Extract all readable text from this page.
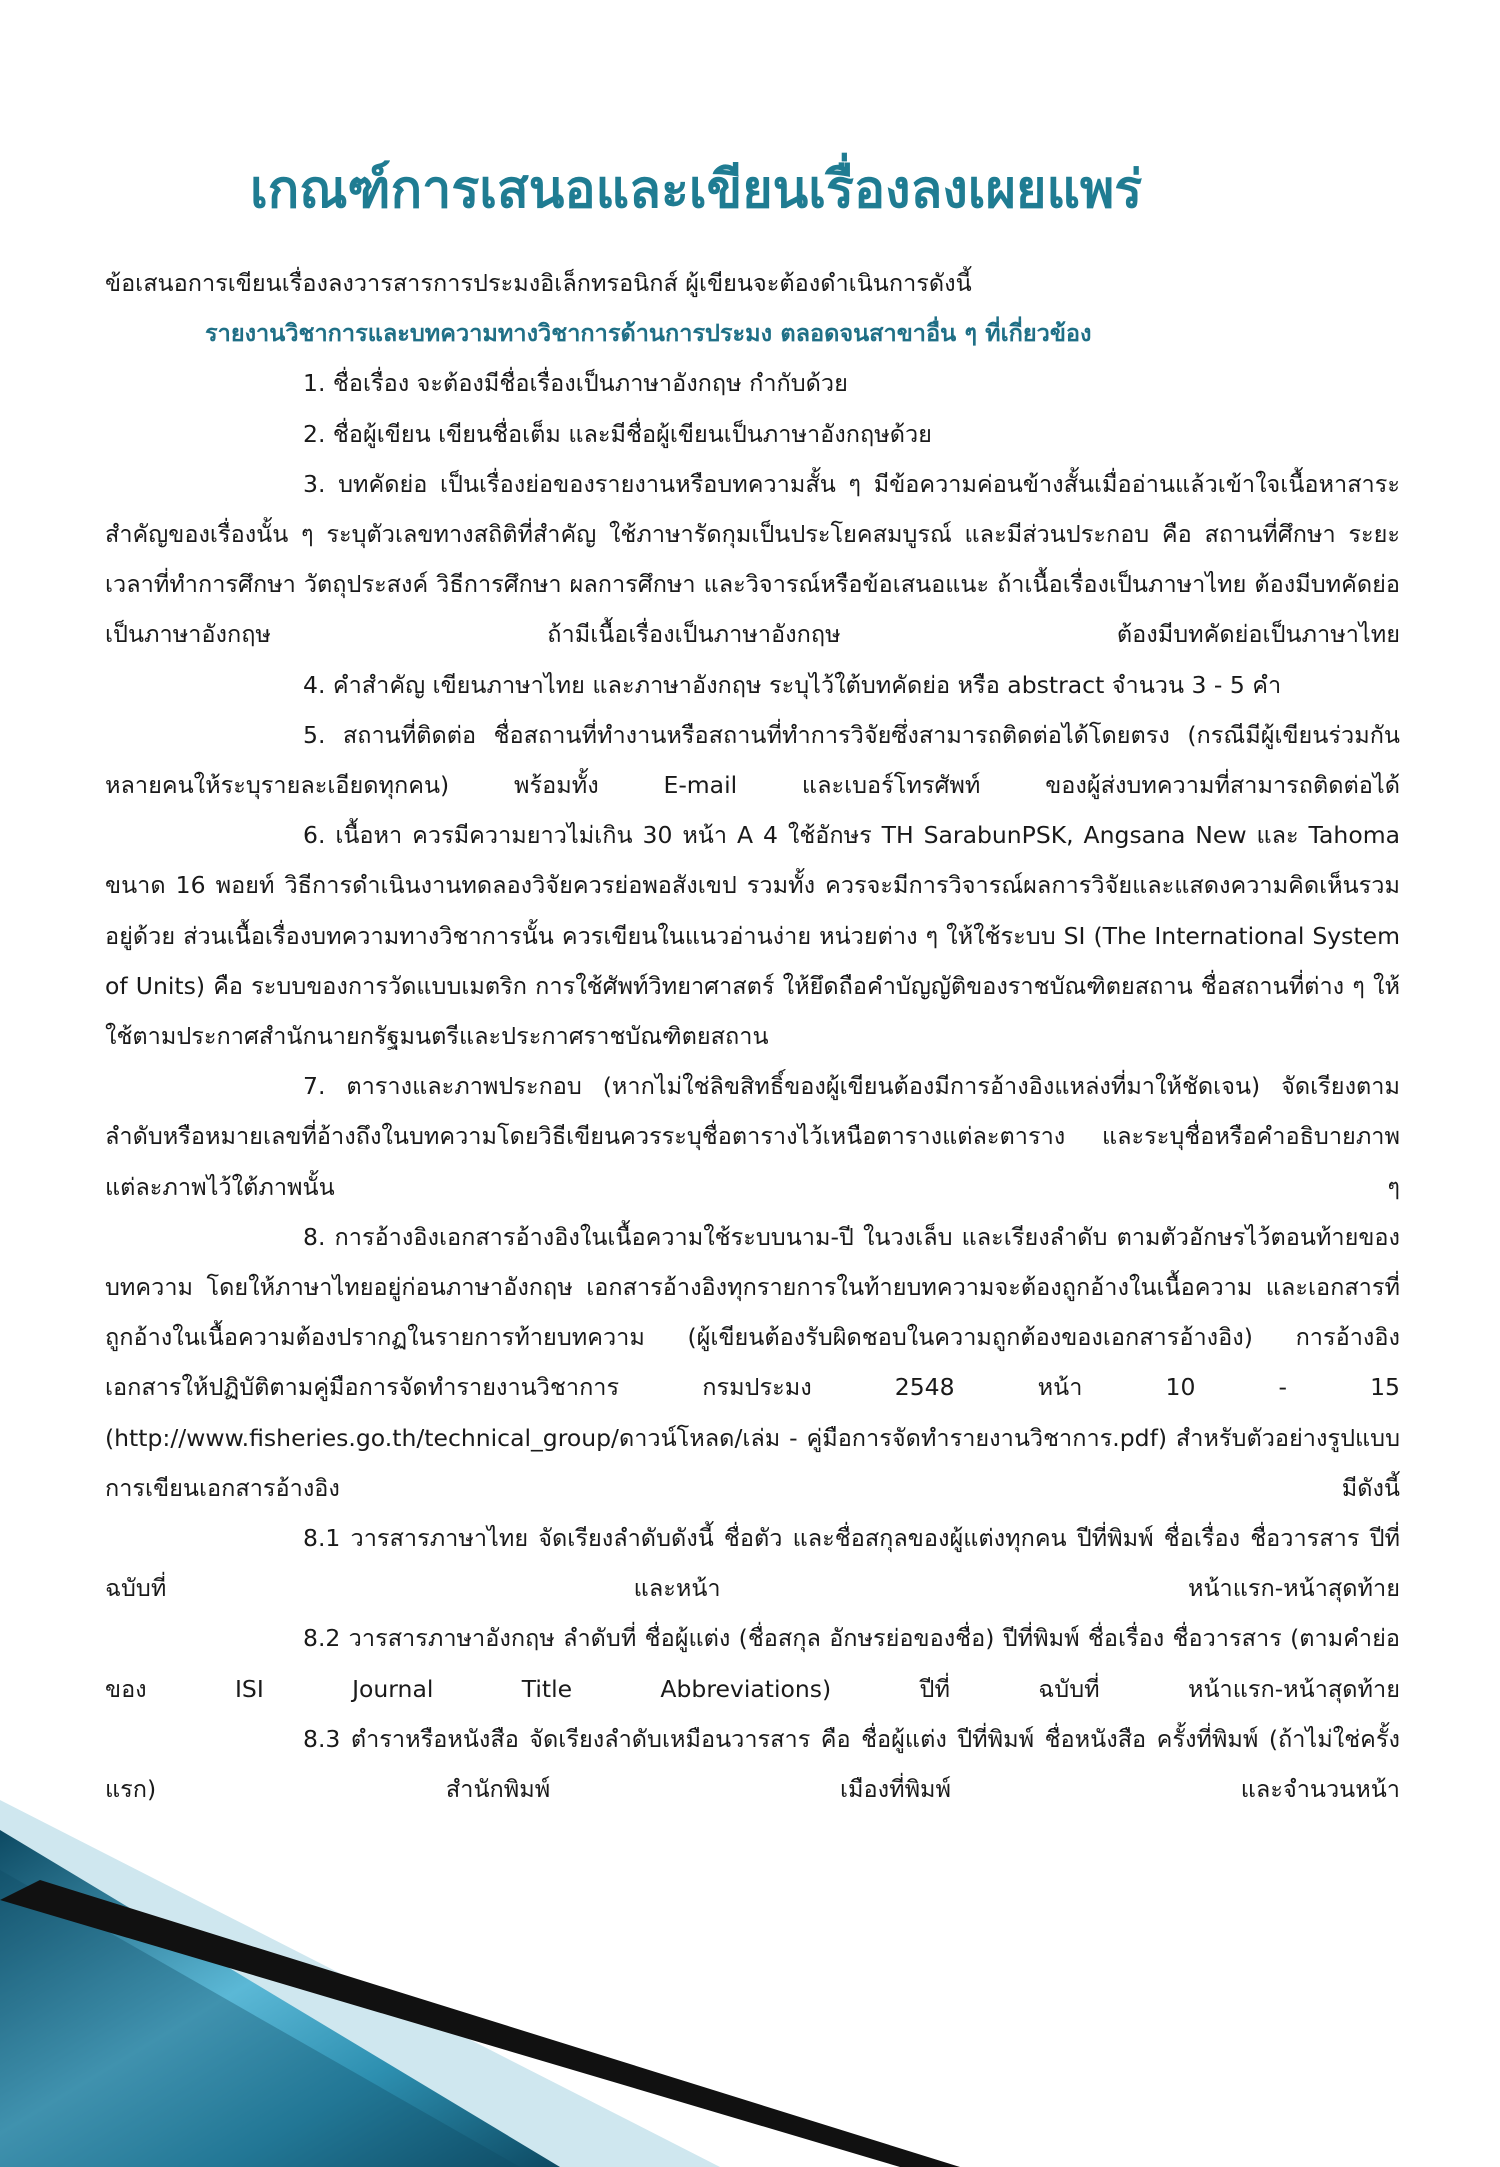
เกณฑ์การเสนอและเขียนเรื่องลงเผยแพร่

ข้อเสนอการเขียนเรื่องลงวารสารการประมงอิเล็กทรอนิกส์ ผู้เขียนจะต้องดำเนินการดังนี้

รายงานวิชาการและบทความทางวิชาการด้านการประมง ตลอดจนสาขาอื่น ๆ ที่เกี่ยวข้อง

1. ชื่อเรื่อง จะต้องมีชื่อเรื่องเป็นภาษาอังกฤษ กำกับด้วย

2. ชื่อผู้เขียน เขียนชื่อเต็ม และมีชื่อผู้เขียนเป็นภาษาอังกฤษด้วย

3. บทคัดย่อ เป็นเรื่องย่อของรายงานหรือบทความสั้น ๆ มีข้อความค่อนข้างสั้นเมื่ออ่านแล้วเข้าใจเนื้อหาสาระสำคัญของเรื่องนั้น ๆ ระบุตัวเลขทางสถิติที่สำคัญ ใช้ภาษารัดกุมเป็นประโยคสมบูรณ์ และมีส่วนประกอบ คือ สถานที่ศึกษา ระยะเวลาที่ทำการศึกษา วัตถุประสงค์ วิธีการศึกษา ผลการศึกษา และวิจารณ์หรือข้อเสนอแนะ ถ้าเนื้อเรื่องเป็นภาษาไทย ต้องมีบทคัดย่อเป็นภาษาอังกฤษ ถ้ามีเนื้อเรื่องเป็นภาษาอังกฤษ ต้องมีบทคัดย่อเป็นภาษาไทย

4. คำสำคัญ เขียนภาษาไทย และภาษาอังกฤษ ระบุไว้ใต้บทคัดย่อ หรือ abstract จำนวน 3 - 5 คำ

5. สถานที่ติดต่อ ชื่อสถานที่ทำงานหรือสถานที่ทำการวิจัยซึ่งสามารถติดต่อได้โดยตรง (กรณีมีผู้เขียนร่วมกันหลายคนให้ระบุรายละเอียดทุกคน) พร้อมทั้ง E-mail และเบอร์โทรศัพท์ ของผู้ส่งบทความที่สามารถติดต่อได้

6. เนื้อหา ควรมีความยาวไม่เกิน 30 หน้า A 4 ใช้อักษร TH SarabunPSK, Angsana New และ Tahoma ขนาด 16 พอยท์ วิธีการดำเนินงานทดลองวิจัยควรย่อพอสังเขป รวมทั้ง ควรจะมีการวิจารณ์ผลการวิจัยและแสดงความคิดเห็นรวมอยู่ด้วย ส่วนเนื้อเรื่องบทความทางวิชาการนั้น ควรเขียนในแนวอ่านง่าย หน่วยต่าง ๆ ให้ใช้ระบบ SI (The International System of Units) คือ ระบบของการวัดแบบเมตริก การใช้ศัพท์วิทยาศาสตร์ ให้ยึดถือคำบัญญัติของราชบัณฑิตยสถาน ชื่อสถานที่ต่าง ๆ ให้ใช้ตามประกาศสำนักนายกรัฐมนตรีและประกาศราชบัณฑิตยสถาน

7. ตารางและภาพประกอบ (หากไม่ใช่ลิขสิทธิ์ของผู้เขียนต้องมีการอ้างอิงแหล่งที่มาให้ชัดเจน) จัดเรียงตามลำดับหรือหมายเลขที่อ้างถึงในบทความโดยวิธีเขียนควรระบุชื่อตารางไว้เหนือตารางแต่ละตาราง และระบุชื่อหรือคำอธิบายภาพแต่ละภาพไว้ใต้ภาพนั้น ๆ

8. การอ้างอิงเอกสารอ้างอิงในเนื้อความใช้ระบบนาม-ปี ในวงเล็บ และเรียงลำดับ ตามตัวอักษรไว้ตอนท้ายของบทความ โดยให้ภาษาไทยอยู่ก่อนภาษาอังกฤษ เอกสารอ้างอิงทุกรายการในท้ายบทความจะต้องถูกอ้างในเนื้อความ และเอกสารที่ถูกอ้างในเนื้อความต้องปรากฏในรายการท้ายบทความ (ผู้เขียนต้องรับผิดชอบในความถูกต้องของเอกสารอ้างอิง) การอ้างอิงเอกสารให้ปฏิบัติตามคู่มือการจัดทำรายงานวิชาการ กรมประมง 2548 หน้า 10 - 15 (http://www.fisheries.go.th/technical_group/ดาวน์โหลด/เล่ม - คู่มือการจัดทำรายงานวิชาการ.pdf) สำหรับตัวอย่างรูปแบบการเขียนเอกสารอ้างอิง มีดังนี้

8.1 วารสารภาษาไทย จัดเรียงลำดับดังนี้ ชื่อตัว และชื่อสกุลของผู้แต่งทุกคน ปีที่พิมพ์ ชื่อเรื่อง ชื่อวารสาร ปีที่ ฉบับที่ และหน้า หน้าแรก-หน้าสุดท้าย

8.2 วารสารภาษาอังกฤษ ลำดับที่ ชื่อผู้แต่ง (ชื่อสกุล อักษรย่อของชื่อ) ปีที่พิมพ์ ชื่อเรื่อง ชื่อวารสาร (ตามคำย่อของ ISI Journal Title Abbreviations) ปีที่ ฉบับที่ หน้าแรก-หน้าสุดท้าย

8.3 ตำราหรือหนังสือ จัดเรียงลำดับเหมือนวารสาร คือ ชื่อผู้แต่ง ปีที่พิมพ์ ชื่อหนังสือ ครั้งที่พิมพ์ (ถ้าไม่ใช่ครั้งแรก) สำนักพิมพ์ เมืองที่พิมพ์ และจำนวนหน้า
